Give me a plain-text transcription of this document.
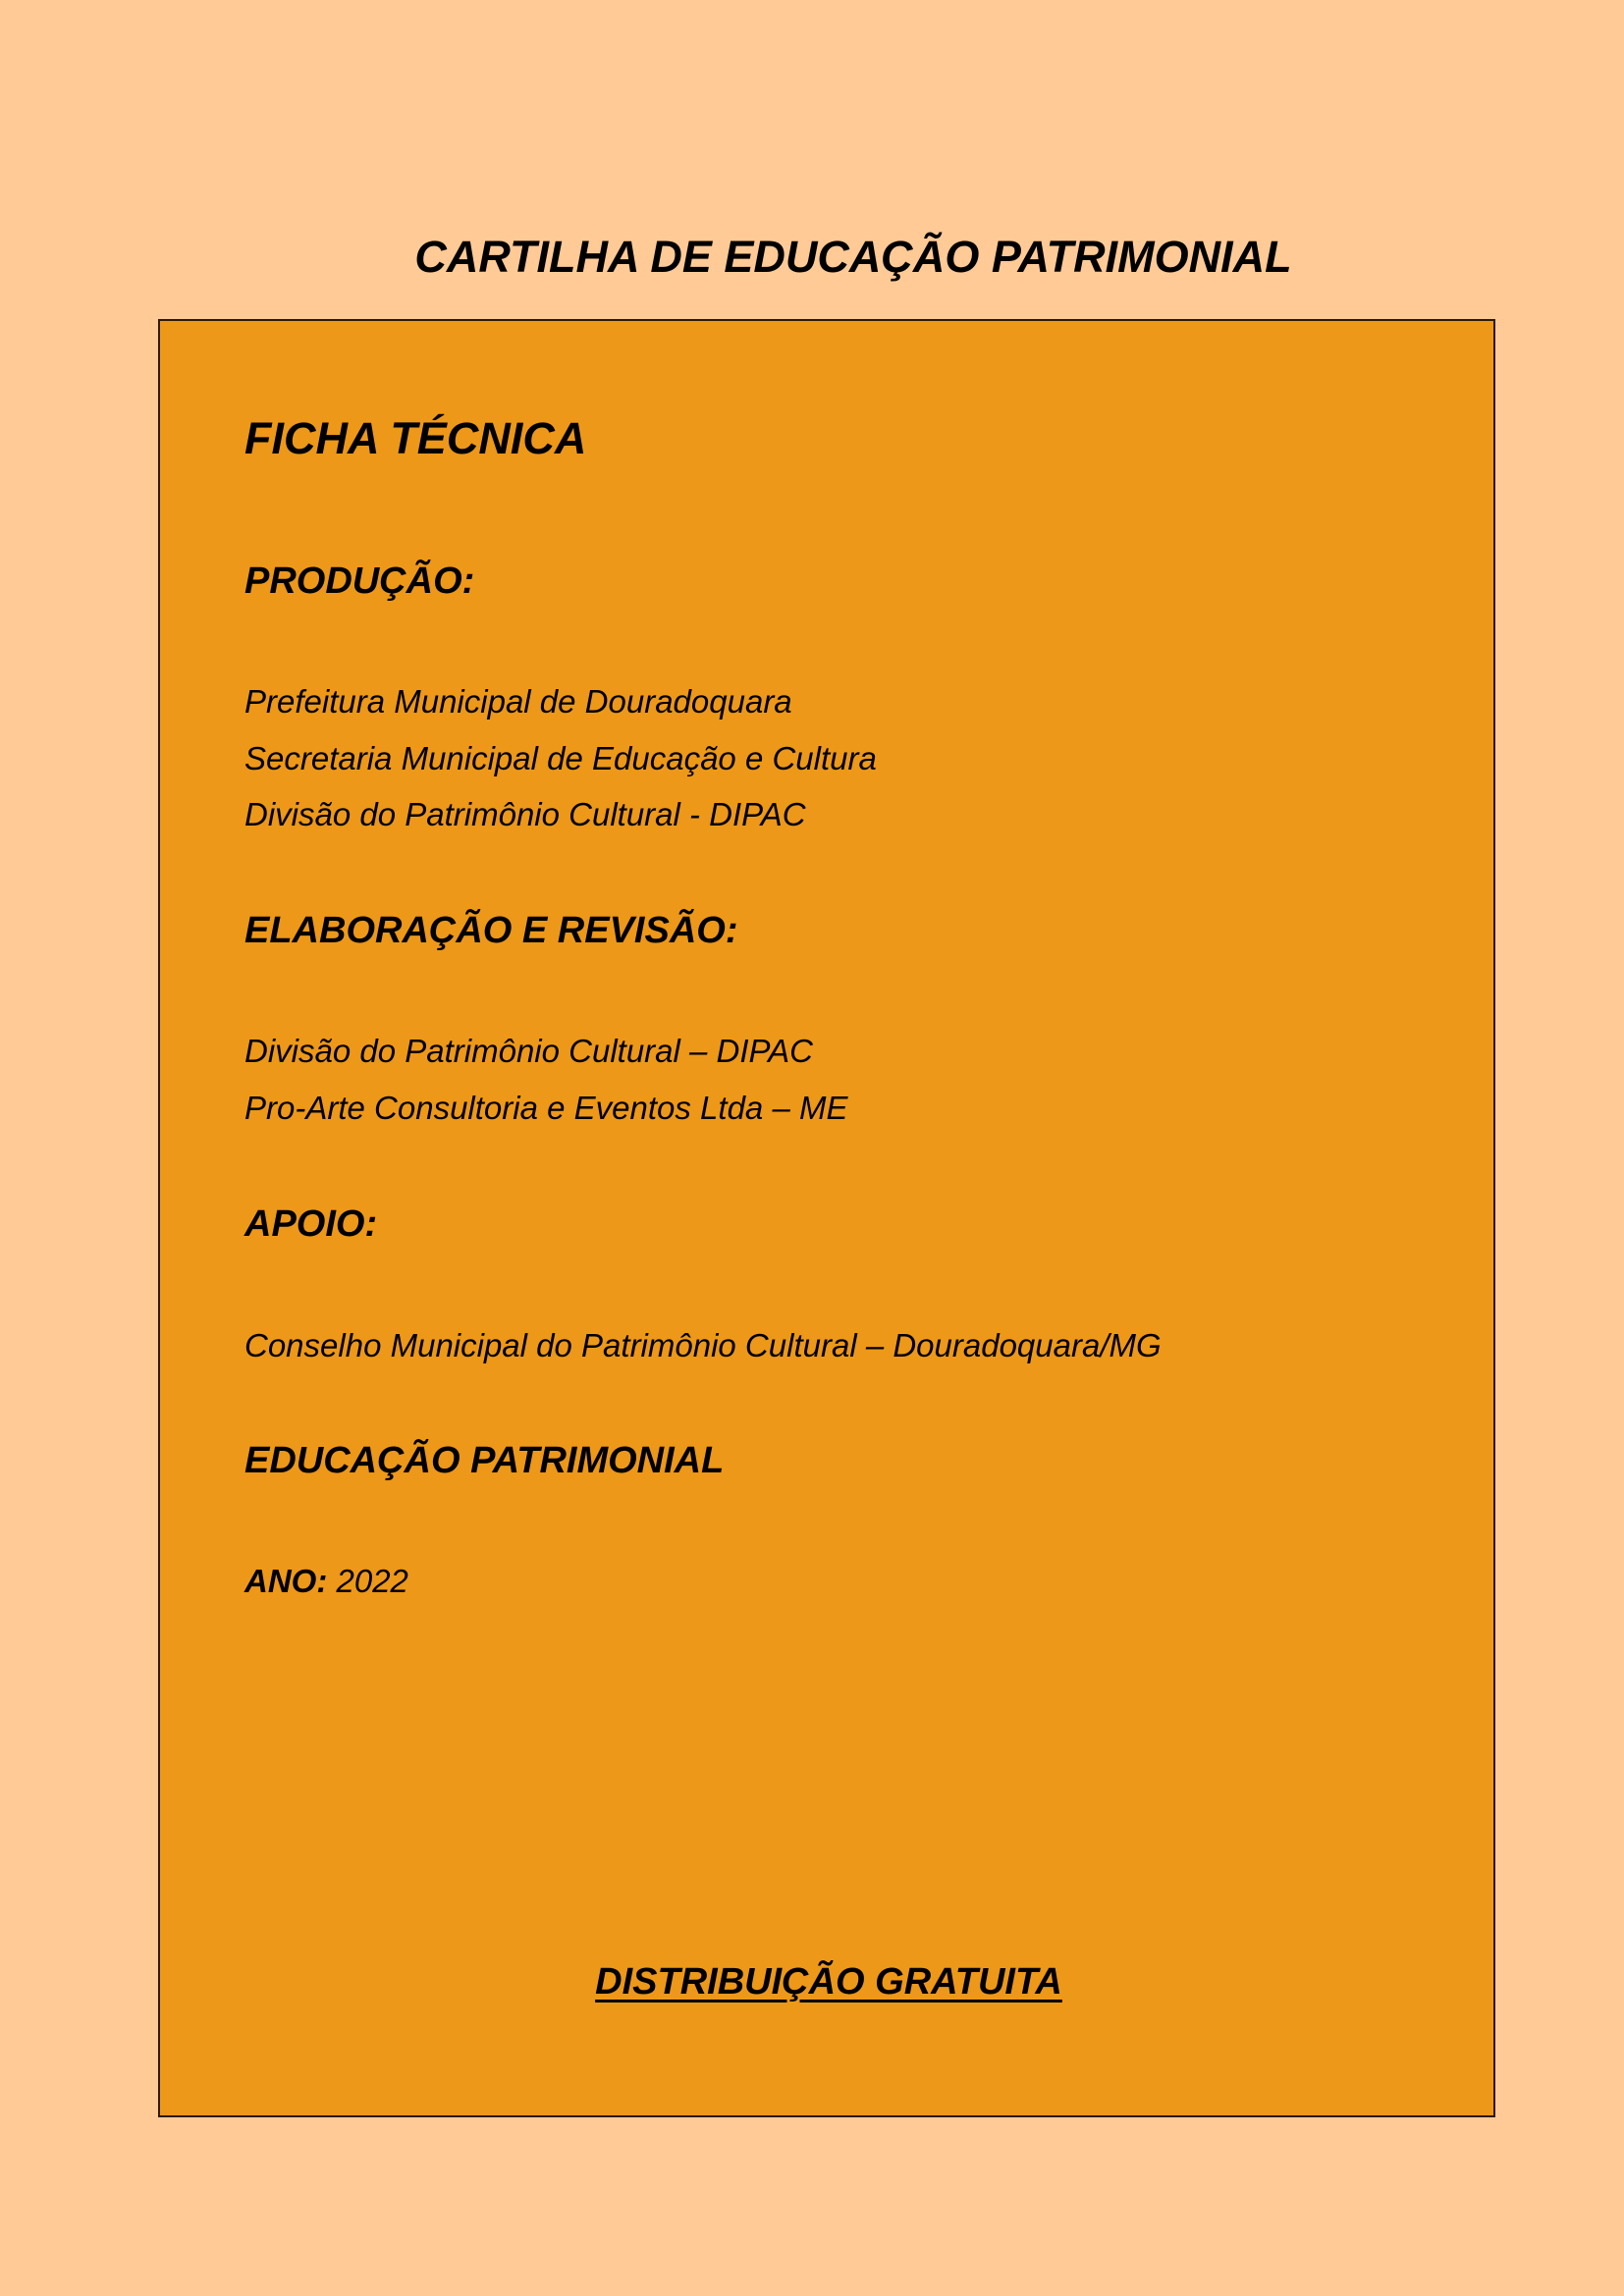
CARTILHA DE EDUCAÇÃO PATRIMONIAL
FICHA TÉCNICA
PRODUÇÃO:

Prefeitura Municipal de Douradoquara

Secretaria Municipal de Educação e Cultura

Divisão do Patrimônio Cultural - DIPAC

ELABORAÇÃO E REVISÃO:

Divisão do Patrimônio Cultural – DIPAC

Pro-Arte Consultoria e Eventos Ltda – ME

APOIO:

Conselho Municipal do Patrimônio Cultural – Douradoquara/MG

EDUCAÇÃO PATRIMONIAL

ANO: 2022

DISTRIBUIÇÃO GRATUITA
